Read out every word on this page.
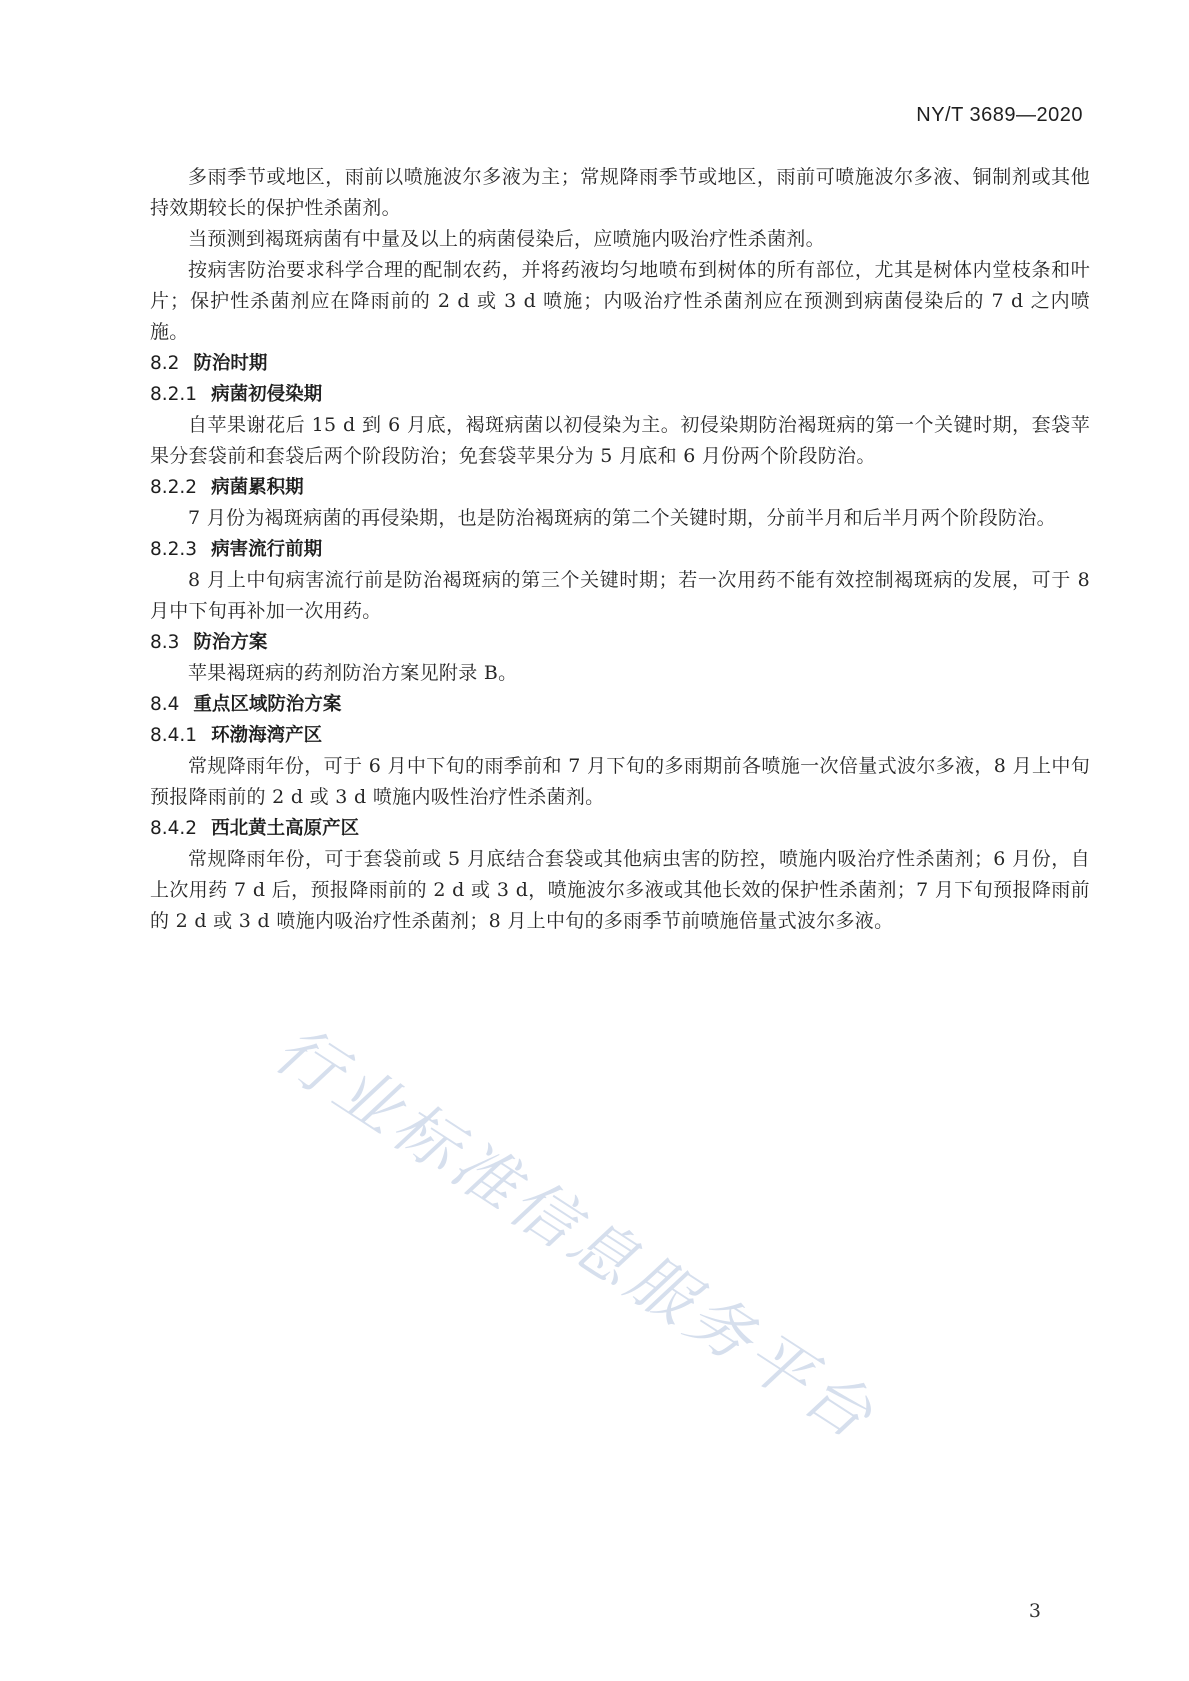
NY/T 3689—2020

多雨季节或地区，雨前以喷施波尔多液为主；常规降雨季节或地区，雨前可喷施波尔多液、铜制剂或其他持效期较长的保护性杀菌剂。

当预测到褐斑病菌有中量及以上的病菌侵染后，应喷施内吸治疗性杀菌剂。

按病害防治要求科学合理的配制农药，并将药液均匀地喷布到树体的所有部位，尤其是树体内堂枝条和叶片；保护性杀菌剂应在降雨前的 2 d 或 3 d 喷施；内吸治疗性杀菌剂应在预测到病菌侵染后的 7 d 之内喷施。

8.2 防治时期

8.2.1 病菌初侵染期

自苹果谢花后 15 d 到 6 月底，褐斑病菌以初侵染为主。初侵染期防治褐斑病的第一个关键时期，套袋苹果分套袋前和套袋后两个阶段防治；免套袋苹果分为 5 月底和 6 月份两个阶段防治。

8.2.2 病菌累积期

7 月份为褐斑病菌的再侵染期，也是防治褐斑病的第二个关键时期，分前半月和后半月两个阶段防治。

8.2.3 病害流行前期

8 月上中旬病害流行前是防治褐斑病的第三个关键时期；若一次用药不能有效控制褐斑病的发展，可于 8 月中下旬再补加一次用药。

8.3 防治方案

苹果褐斑病的药剂防治方案见附录 B。

8.4 重点区域防治方案

8.4.1 环渤海湾产区

常规降雨年份，可于 6 月中下旬的雨季前和 7 月下旬的多雨期前各喷施一次倍量式波尔多液，8 月上中旬预报降雨前的 2 d 或 3 d 喷施内吸性治疗性杀菌剂。

8.4.2 西北黄土高原产区

常规降雨年份，可于套袋前或 5 月底结合套袋或其他病虫害的防控，喷施内吸治疗性杀菌剂；6 月份，自上次用药 7 d 后，预报降雨前的 2 d 或 3 d，喷施波尔多液或其他长效的保护性杀菌剂；7 月下旬预报降雨前的 2 d 或 3 d 喷施内吸治疗性杀菌剂；8 月上中旬的多雨季节前喷施倍量式波尔多液。

行业标准信息服务平台
3
